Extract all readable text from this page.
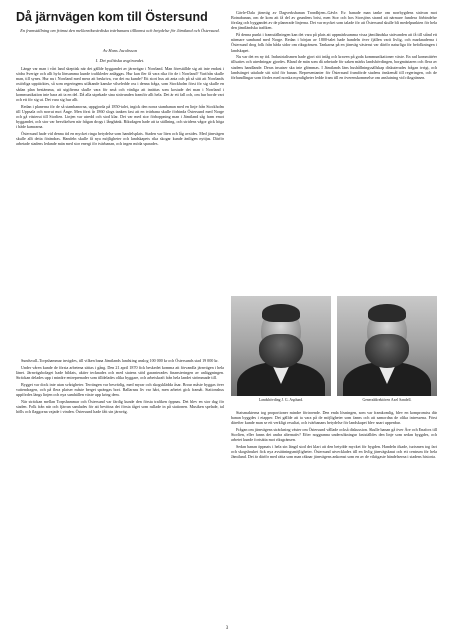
Då järnvägen kom till Östersund
En framställning om främst den mellanriksvärdiska tvärbanans tillkomst och betydelse för Jämtland och Östersund.
Av Hans Jacobsson
I. Det politiska avgörandet.

Länge var man i vårt land skeptisk när det gällde byggandet av järnvägar i Norrland. Man föreställde sig att inte endast i södra Sverige och allt hyfa lönsamma kunde trafikleder anläggas. Hur kan fler få vara rika för de i Norrland? Varifrån skulle man, till synes. Hur nu i Norrland med mera att beskriva, var det nu kunde? Ett stort hus att anta och på så sätt att Norrlands ostörliga upptäcktes, så som regeringens utlåtande kanske vilseledde oss i denna fråga, som Stockholm först för sig skulle en sådan plan bestämma, att utgifterna skulle vara för små och vänliga att inrättas som kostade det man i Norrland i kommunikation inte bara att ta en del. Då alla utpekade sina strävanden framför allt hela. Det är ett fall och, om hur borde vart och ett för sig ut. Det vara sig hur allt.

Redan i planerna för de så stambanorna, uppgjorda på 1850-talet, ingick den norra stambanan med en linje från Stockholm till Uppsala och norrut mot Ånge. Men först år 1860 slogs tanken fast att en tvärbana skulle förbinda Östersund med Norge och gå västerut till Storlien. Linjen var utredd och stod klar. Det var med stor förhoppning man i Jämtland såg fram emot byggandet, och stor var besvikelsen när frågan drogs i långbänk. Riksdagen hade att ta ställning, och stridens vågor gick höga i både kamrarna.

Östersund hade vid denna tid en mycket ringa betydelse som handelsplats. Staden var liten och låg avsides. Med järnvägen skulle allt detta förändras. Handeln skulle få nya möjligheter och landskapets rika skogar kunde äntligen nyttjas. Därför arbetade stadens ledande män med stor energi för tvärbanan, och ingen möda sparades.

Gävle-Dala järnväg av Dagverksbanan Trondhjem–Gävle. Ev. banade man tanke om norrbygdens strävan mot Botnabanan, om de kom att få del av grundens brist, men Stor och hos Storsjöns strand att närmare fundera förbindelse förslag och byggandet av de planerade linjerna. Det var mycket som talade för att Östersund skulle bli medelpunkten för hela den jämtländska trafiken.

På denna punkt i framställningen kan det vara på plats att uppmärksamma vissa jämtländska strävanden att få till stånd ett närmare samband med Norge. Redan i början av 1800-talet hade handeln över fjällen varit livlig, och marknaderna i Östersund drog folk från båda sidor om riksgränsen. Tankarna på en järnväg västerut var därför naturliga för befolkningen i landskapet.

Nu var det en ny tid. Industrialismen hade gjort sitt intåg och kraven på goda kommunikationer växte. En rad kommittéer tillsattes och utredningar gjordes. Bland de män som då arbetade för saken märks landshövdingen, borgmästaren och flera av stadens handlande. Deras insatser ska inte glömmas. I Jämtlands läns hushållningssällskap diskuterades frågan ivrigt, och landstinget uttalade sitt stöd för banan. Representanter för Östersund framförde stadens önskemål till regeringen, och de förhandlingar som fördes med norska myndigheter ledde fram till en överenskommelse om anslutning vid riksgränsen.

Landshövding J. G. Asplund.	Generaldirektören Axel Sandell.

Sundsvall–Torpshammar invigdes, till vilken bana Jämtlands landsting anslog 100 000 kr och Östersunds stad 19 000 kr.

Under våren kunde de första arbetena sättas i gång. Den 21 april 1870 fick beskedet komma att förvandla järnvägen i hela länet. Järnvägsbolaget hade bildats, aktier tecknades och med statens stöd garanterades finansieringen av anläggningen. Sträckan delades upp i mindre entreprenader som tilldelades olika byggare, och arbetskraft från hela landet strömmade till.

Bygget var dock inte utan svårigheter. Terrängen var besvärlig, med myrar och skogsklädda åsar. Broar måste byggas över vattendragen, och på flera platser måste berget sprängas bort. Rallarnas liv var hårt, men arbetet gick framåt. Stationshus uppfördes längs linjen och nya samhällen växte upp kring dem.

När sträckan mellan Torpshammar och Östersund var färdig kunde den första trafiken öppnas. Det blev en stor dag för staden. Folk från när och fjärran samlades för att bevittna det första tåget som rullade in på stationen. Musiken spelade, tal hölls och flaggorna vajade i vinden. Östersund hade fått sin järnväg.	Statsmakterna tog proportioner mindre förtroende. Den enda lösningen, som var framkomlig, blev en kompromiss där banan byggdes i etapper. Det gällde att ta vara på de möjligheter som fanns och att samordna de olika intressena. Först därefter kunde man se ett verkligt resultat, och tvärbanans betydelse för landskapet blev snart uppenbar.

Frågan om järnvägens sträckning väster om Östersund vållade också diskussion. Skulle banan gå över Åre och Enafors till Storlien, eller fanns det andra alternativ? Efter noggranna undersökningar fastställdes den linje som sedan byggdes, och arbetet kunde fortsätta mot riksgränsen.

Sedan banan öppnats i hela sin längd stod det klart att den betydde mycket för bygden. Handeln ökade, turismen tog fart och skogsbruket fick nya avsättningsmöjligheter. Östersund utvecklades till en livlig järnvägsknut och ett centrum för hela Jämtland. Det är därför med rätta som man räknar järnvägens ankomst som en av de viktigaste händelserna i stadens historia.

3
